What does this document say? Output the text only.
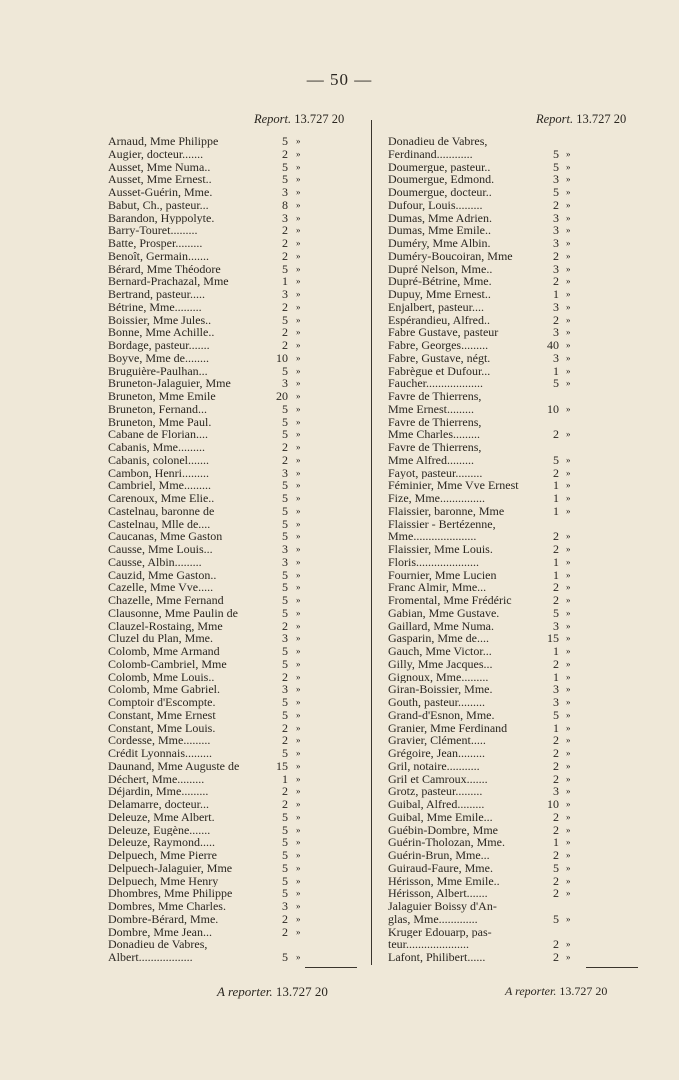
— 50 —
Report. 13.727 20	Report. 13.727 20
Arnaud, Mme Philippe	5 »
Augier, docteur.......	2 »
Ausset, Mme Numa..	5 »
Ausset, Mme Ernest..	5 »
Ausset-Guérin, Mme.	3 »
Babut, Ch., pasteur...	8 »
Barandon, Hyppolyte.	3 »
Barry-Touret.........	2 »
Batte, Prosper.........	2 »
Benoît, Germain.......	2 »
Bérard, Mme Théodore	5 »
Bernard-Prachazal, Mme	1 »
Bertrand, pasteur.....	3 »
Bétrine, Mme.........	2 »
Boissier, Mme Jules..	5 »
Bonne, Mme Achille..	2 »
Bordage, pasteur.......	2 »
Boyve, Mme de........	10 »
Bruguière-Paulhan...	5 »
Bruneton-Jalaguier, Mme	3 »
Bruneton, Mme Emile	20 »
Bruneton, Fernand...	5 »
Bruneton, Mme Paul.	5 »
Cabane de Florian....	5 »
Cabanis, Mme.........	2 »
Cabanis, colonel.......	2 »
Cambon, Henri.........	3 »
Cambriel, Mme.........	5 »
Carenoux, Mme Elie..	5 »
Castelnau, baronne de	5 »
Castelnau, Mlle de....	5 »
Caucanas, Mme Gaston	5 »
Causse, Mme Louis...	3 »
Causse, Albin.........	3 »
Cauzid, Mme Gaston..	5 »
Cazelle, Mme Vve.....	5 »
Chazelle, Mme Fernand	5 »
Clausonne, Mme Paulin de	5 »
Clauzel-Rostaing, Mme	2 »
Cluzel du Plan, Mme.	3 »
Colomb, Mme Armand	5 »
Colomb-Cambriel, Mme	5 »
Colomb, Mme Louis..	2 »
Colomb, Mme Gabriel.	3 »
Comptoir d'Escompte.	5 »
Constant, Mme Ernest	5 »
Constant, Mme Louis.	2 »
Cordesse, Mme.........	2 »
Crédit Lyonnais.........	5 »
Daunand, Mme Auguste de	15 »
Déchert, Mme.........	1 »
Déjardin, Mme.........	2 »
Delamarre, docteur...	2 »
Deleuze, Mme Albert.	5 »
Deleuze, Eugène.......	5 »
Deleuze, Raymond.....	5 »
Delpuech, Mme Pierre	5 »
Delpuech-Jalaguier, Mme	5 »
Delpuech, Mme Henry	5 »
Dhombres, Mme Philippe	5 »
Dombres, Mme Charles.	3 »
Dombre-Bérard, Mme.	2 »
Dombre, Mme Jean...	2 »
Donadieu de Vabres,
Albert..................	5 »
Donadieu de Vabres,
Ferdinand............	5 »
Doumergue, pasteur..	5 »
Doumergue, Edmond.	3 »
Doumergue, docteur..	5 »
Dufour, Louis.........	2 »
Dumas, Mme Adrien.	3 »
Dumas, Mme Emile..	3 »
Duméry, Mme Albin.	3 »
Duméry-Boucoiran, Mme	2 »
Dupré Nelson, Mme..	3 »
Dupré-Bétrine, Mme.	2 »
Dupuy, Mme Ernest..	1 »
Enjalbert, pasteur....	3 »
Espérandieu, Alfred..	2 »
Fabre Gustave, pasteur	3 »
Fabre, Georges.........	40 »
Fabre, Gustave, négt.	3 »
Fabrègue et Dufour...	1 »
Faucher...................	5 »
Favre de Thierrens,
Mme Ernest.........	10 »
Favre de Thierrens,
Mme Charles.........	2 »
Favre de Thierrens,
Mme Alfred.........	5 »
Fayot, pasteur.........	2 »
Féminier, Mme Vve Ernest	1 »
Fize, Mme...............	1 »
Flaissier, baronne, Mme	1 »
Flaissier - Bertézenne,
Mme.....................	2 »
Flaissier, Mme Louis.	2 »
Floris.....................	1 »
Fournier, Mme Lucien	1 »
Franc Almir, Mme...	2 »
Fromental, Mme Frédéric	2 »
Gabian, Mme Gustave.	5 »
Gaillard, Mme Numa.	3 »
Gasparin, Mme de....	15 »
Gauch, Mme Victor...	1 »
Gilly, Mme Jacques...	2 »
Gignoux, Mme.........	1 »
Giran-Boissier, Mme.	3 »
Gouth, pasteur.........	3 »
Grand-d'Esnon, Mme.	5 »
Granier, Mme Ferdinand	1 »
Gravier, Clément.....	2 »
Grégoire, Jean.........	2 »
Gril, notaire...........	2 »
Gril et Camroux.......	2 »
Grotz, pasteur.........	3 »
Guibal, Alfred.........	10 »
Guibal, Mme Emile...	2 »
Guébin-Dombre, Mme	2 »
Guérin-Tholozan, Mme.	1 »
Guérin-Brun, Mme...	2 »
Guiraud-Faure, Mme.	5 »
Hérisson, Mme Emile..	2 »
Hérisson, Albert.......	2 »
Jalaguier Boissy d'An-
glas, Mme.............	5 »
Kruger Edouarp, pas-
teur.....................	2 »
Lafont, Philibert......	2 »
A reporter. 13.727 20	A reporter. 13.727 20
